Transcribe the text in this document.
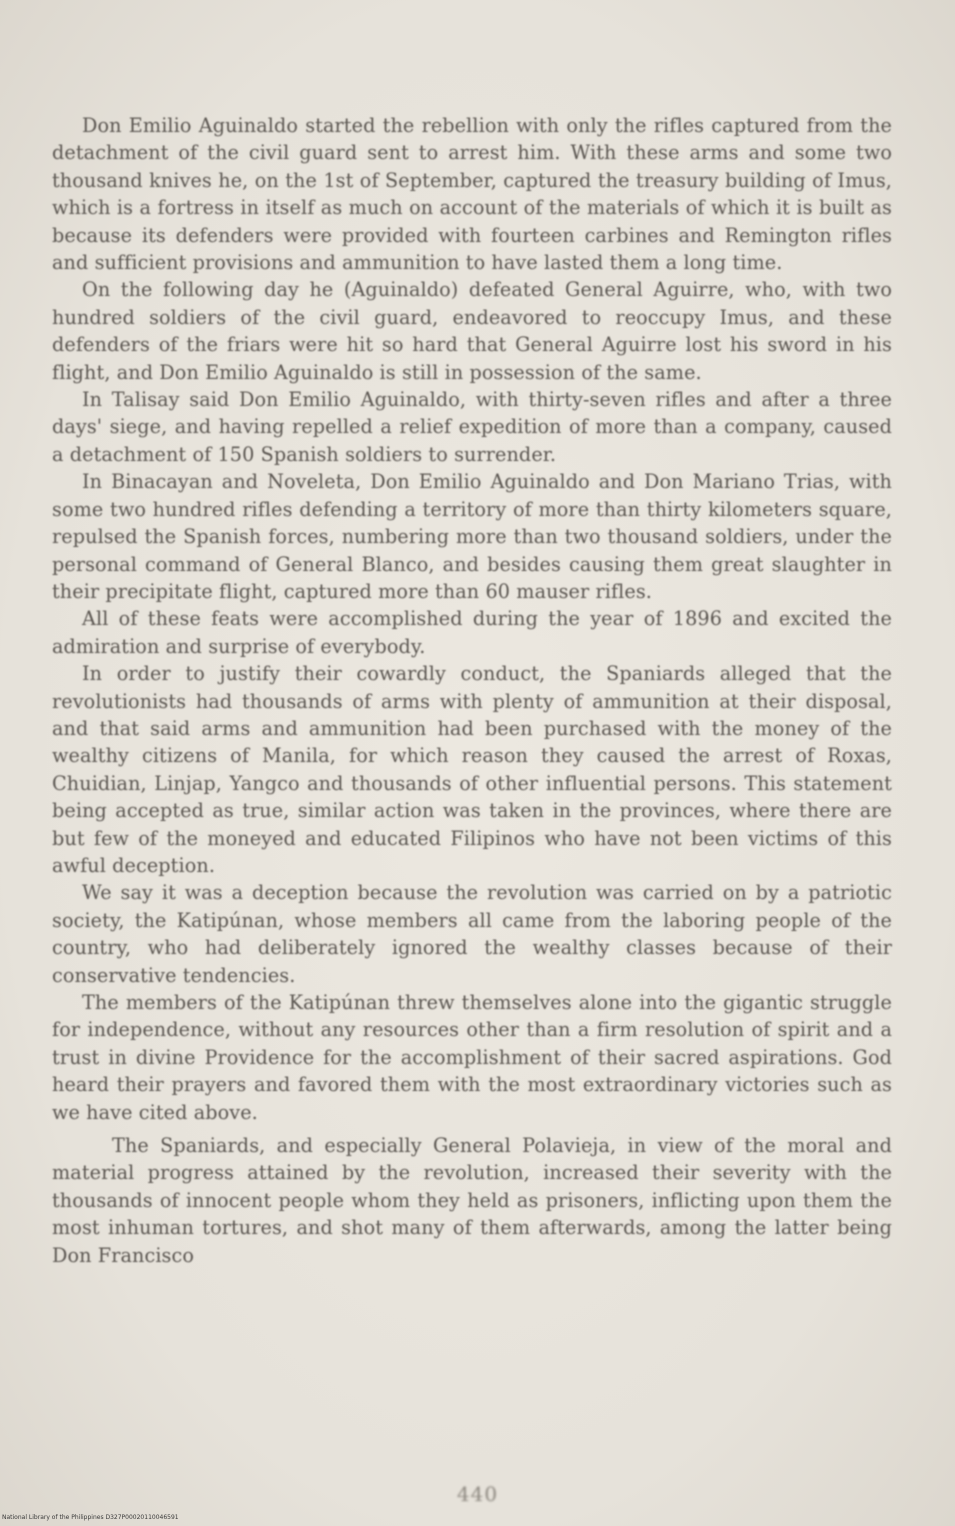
Don Emilio Aguinaldo started the rebellion with only the rifles captured from the detachment of the civil guard sent to arrest him. With these arms and some two thousand knives he, on the 1st of September, captured the treasury building of Imus, which is a fortress in itself as much on account of the materials of which it is built as because its defenders were provided with fourteen carbines and Remington rifles and sufficient provisions and ammunition to have lasted them a long time.

On the following day he (Aguinaldo) defeated General Aguirre, who, with two hundred soldiers of the civil guard, endeavored to reoccupy Imus, and these defenders of the friars were hit so hard that General Aguirre lost his sword in his flight, and Don Emilio Aguinaldo is still in possession of the same.

In Talisay said Don Emilio Aguinaldo, with thirty-seven rifles and after a three days' siege, and having repelled a relief expedition of more than a company, caused a detachment of 150 Spanish soldiers to surrender.

In Binacayan and Noveleta, Don Emilio Aguinaldo and Don Mariano Trias, with some two hundred rifles defending a territory of more than thirty kilometers square, repulsed the Spanish forces, numbering more than two thousand soldiers, under the personal command of General Blanco, and besides causing them great slaughter in their precipitate flight, captured more than 60 mauser rifles.

All of these feats were accomplished during the year of 1896 and excited the admiration and surprise of everybody.

In order to justify their cowardly conduct, the Spaniards alleged that the revolutionists had thousands of arms with plenty of ammunition at their disposal, and that said arms and ammunition had been purchased with the money of the wealthy citizens of Manila, for which reason they caused the arrest of Roxas, Chuidian, Linjap, Yangco and thousands of other influential persons. This statement being accepted as true, similar action was taken in the provinces, where there are but few of the moneyed and educated Filipinos who have not been victims of this awful deception.

We say it was a deception because the revolution was carried on by a patriotic society, the Katipúnan, whose members all came from the laboring people of the country, who had deliberately ignored the wealthy classes because of their conservative tendencies.

The members of the Katipúnan threw themselves alone into the gigantic struggle for independence, without any resources other than a firm resolution of spirit and a trust in divine Providence for the accomplishment of their sacred aspirations. God heard their prayers and favored them with the most extraordinary victories such as we have cited above.

The Spaniards, and especially General Polavieja, in view of the moral and material progress attained by the revolution, increased their severity with the thousands of innocent people whom they held as prisoners, inflicting upon them the most inhuman tortures, and shot many of them afterwards, among the latter being Don Francisco

440
National Library of the Philippines D327P00020110046591
